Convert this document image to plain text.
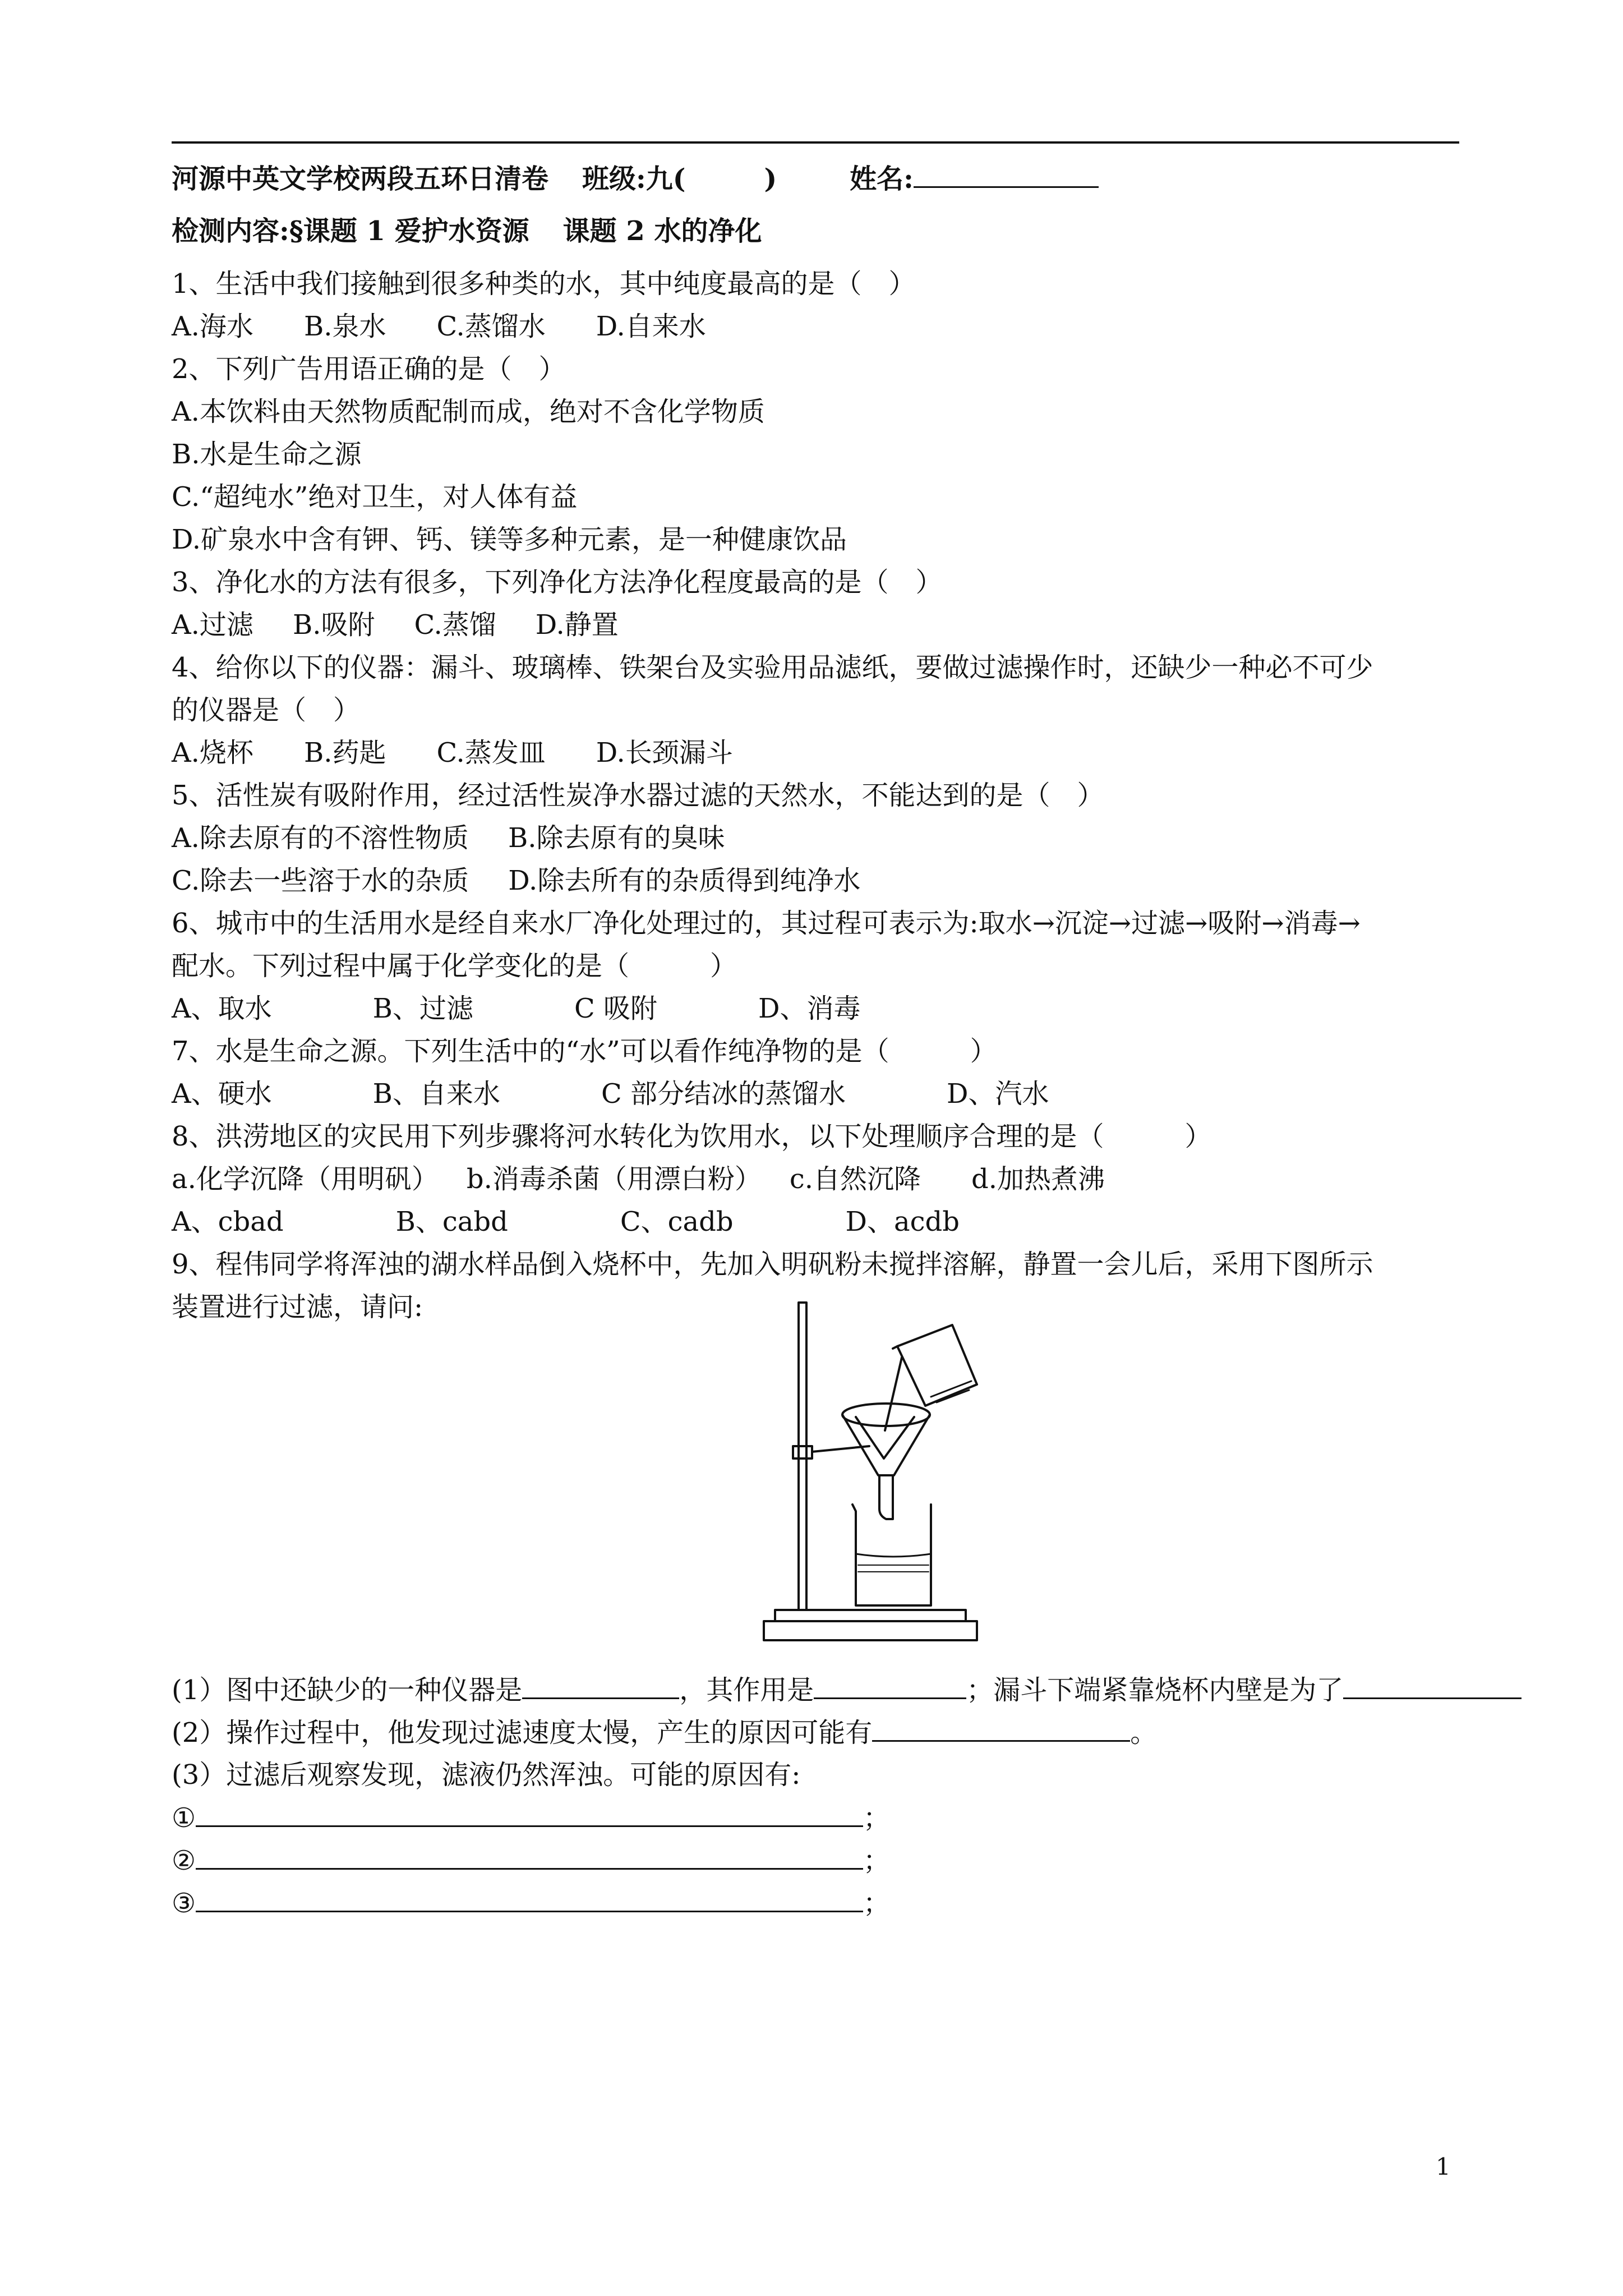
河源中英文学校两段五环日清卷 班级:九(	)	姓名:
检测内容:§课题 1 爱护水资源 课题 2 水的净化
1、生活中我们接触到很多种类的水，其中纯度最高的是（　）
A.海水 B.泉水 C.蒸馏水 D.自来水
2、下列广告用语正确的是（　）
A.本饮料由天然物质配制而成，绝对不含化学物质
B.水是生命之源
C.“超纯水”绝对卫生，对人体有益
D.矿泉水中含有钾、钙、镁等多种元素，是一种健康饮品
3、净化水的方法有很多，下列净化方法净化程度最高的是（　）
A.过滤 B.吸附 C.蒸馏 D.静置
4、给你以下的仪器：漏斗、玻璃棒、铁架台及实验用品滤纸，要做过滤操作时，还缺少一种必不可少
的仪器是（　）
A.烧杯 B.药匙 C.蒸发皿 D.长颈漏斗
5、活性炭有吸附作用，经过活性炭净水器过滤的天然水，不能达到的是（　）
A.除去原有的不溶性物质 B.除去原有的臭味
C.除去一些溶于水的杂质 D.除去所有的杂质得到纯净水
6、城市中的生活用水是经自来水厂净化处理过的，其过程可表示为:取水→沉淀→过滤→吸附→消毒→
配水。下列过程中属于化学变化的是（　　　）
A、取水	B、过滤	C 吸附	D、消毒
7、水是生命之源。下列生活中的“水”可以看作纯净物的是（　　　）
A、硬水	B、自来水	C 部分结冰的蒸馏水	D、汽水
8、洪涝地区的灾民用下列步骤将河水转化为饮用水，以下处理顺序合理的是（　　　）
a.化学沉降（用明矾） b.消毒杀菌（用漂白粉） c.自然沉降 d.加热煮沸
A、cbad	B、cabd	C、cadb	D、acdb
9、程伟同学将浑浊的湖水样品倒入烧杯中，先加入明矾粉未搅拌溶解，静置一会儿后，采用下图所示
装置进行过滤，请问:
(1）图中还缺少的一种仪器是	，其作用是	；漏斗下端紧靠烧杯内壁是为了
(2）操作过程中，他发现过滤速度太慢，产生的原因可能有	。
(3）过滤后观察发现，滤液仍然浑浊。可能的原因有:
①	；
②	；
③	；
1
